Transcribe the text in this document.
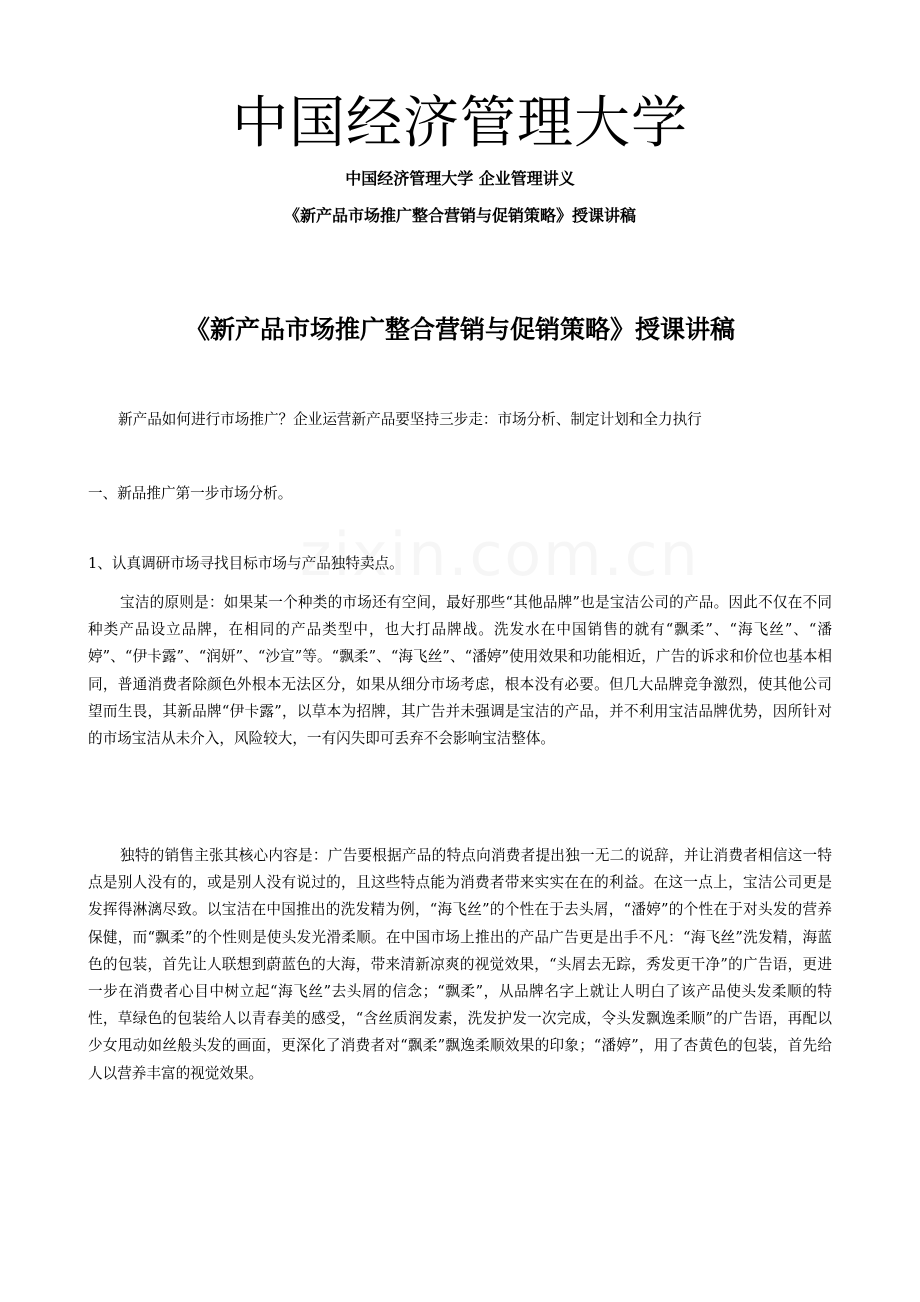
中国经济管理大学

中国经济管理大学 企业管理讲义

《新产品市场推广整合营销与促销策略》授课讲稿

《新产品市场推广整合营销与促销策略》授课讲稿

新产品如何进行市场推广？企业运营新产品要坚持三步走：市场分析、制定计划和全力执行

一、新品推广第一步市场分析。

1、认真调研市场寻找目标市场与产品独特卖点。

宝洁的原则是：如果某一个种类的市场还有空间，最好那些“其他品牌”也是宝洁公司的产品。因此不仅在不同种类产品设立品牌，在相同的产品类型中，也大打品牌战。洗发水在中国销售的就有“飘柔”、“海飞丝”、“潘婷”、“伊卡露”、“润妍”、“沙宣”等。“飘柔”、“海飞丝”、“潘婷”使用效果和功能相近，广告的诉求和价位也基本相同，普通消费者除颜色外根本无法区分，如果从细分市场考虑，根本没有必要。但几大品牌竞争激烈，使其他公司望而生畏，其新品牌“伊卡露”，以草本为招牌，其广告并未强调是宝洁的产品，并不利用宝洁品牌优势，因所针对的市场宝洁从未介入，风险较大，一有闪失即可丢弃不会影响宝洁整体。

独特的销售主张其核心内容是：广告要根据产品的特点向消费者提出独一无二的说辞，并让消费者相信这一特点是别人没有的，或是别人没有说过的，且这些特点能为消费者带来实实在在的利益。在这一点上，宝洁公司更是发挥得淋漓尽致。以宝洁在中国推出的洗发精为例，“海飞丝”的个性在于去头屑，“潘婷”的个性在于对头发的营养保健，而“飘柔”的个性则是使头发光滑柔顺。在中国市场上推出的产品广告更是出手不凡：“海飞丝”洗发精，海蓝色的包装，首先让人联想到蔚蓝色的大海，带来清新凉爽的视觉效果，“头屑去无踪，秀发更干净”的广告语，更进一步在消费者心目中树立起“海飞丝”去头屑的信念；“飘柔”，从品牌名字上就让人明白了该产品使头发柔顺的特性，草绿色的包装给人以青春美的感受，“含丝质润发素，洗发护发一次完成，令头发飘逸柔顺”的广告语，再配以少女甩动如丝般头发的画面，更深化了消费者对“飘柔”飘逸柔顺效果的印象；“潘婷”，用了杏黄色的包装，首先给人以营养丰富的视觉效果。
